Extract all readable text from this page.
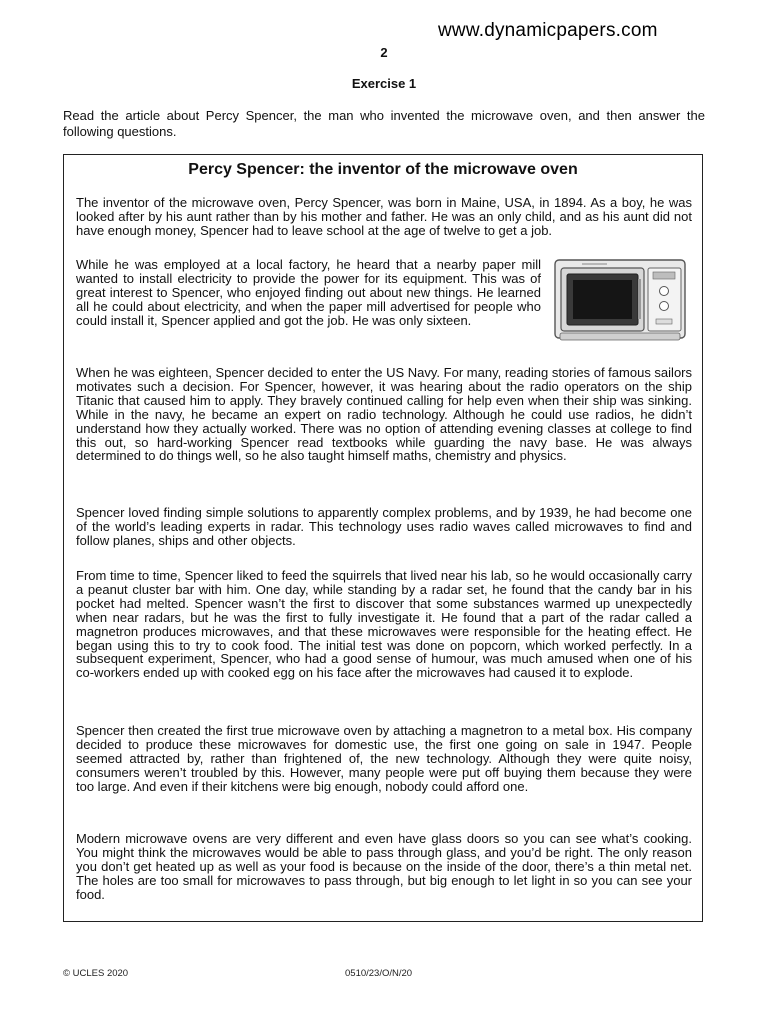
www.dynamicpapers.com
2
Exercise 1
Read the article about Percy Spencer, the man who invented the microwave oven, and then answer the following questions.
Percy Spencer: the inventor of the microwave oven

The inventor of the microwave oven, Percy Spencer, was born in Maine, USA, in 1894. As a boy, he was looked after by his aunt rather than by his mother and father. He was an only child, and as his aunt did not have enough money, Spencer had to leave school at the age of twelve to get a job.

While he was employed at a local factory, he heard that a nearby paper mill wanted to install electricity to provide the power for its equipment. This was of great interest to Spencer, who enjoyed finding out about new things. He learned all he could about electricity, and when the paper mill advertised for people who could install it, Spencer applied and got the job. He was only sixteen.

When he was eighteen, Spencer decided to enter the US Navy. For many, reading stories of famous sailors motivates such a decision. For Spencer, however, it was hearing about the radio operators on the ship Titanic that caused him to apply. They bravely continued calling for help even when their ship was sinking. While in the navy, he became an expert on radio technology. Although he could use radios, he didn’t understand how they actually worked. There was no option of attending evening classes at college to find this out, so hard-working Spencer read textbooks while guarding the navy base. He was always determined to do things well, so he also taught himself maths, chemistry and physics.

Spencer loved finding simple solutions to apparently complex problems, and by 1939, he had become one of the world’s leading experts in radar. This technology uses radio waves called microwaves to find and follow planes, ships and other objects.

From time to time, Spencer liked to feed the squirrels that lived near his lab, so he would occasionally carry a peanut cluster bar with him. One day, while standing by a radar set, he found that the candy bar in his pocket had melted. Spencer wasn’t the first to discover that some substances warmed up unexpectedly when near radars, but he was the first to fully investigate it. He found that a part of the radar called a magnetron produces microwaves, and that these microwaves were responsible for the heating effect. He began using this to try to cook food. The initial test was done on popcorn, which worked perfectly. In a subsequent experiment, Spencer, who had a good sense of humour, was much amused when one of his co-workers ended up with cooked egg on his face after the microwaves had caused it to explode.

Spencer then created the first true microwave oven by attaching a magnetron to a metal box. His company decided to produce these microwaves for domestic use, the first one going on sale in 1947. People seemed attracted by, rather than frightened of, the new technology. Although they were quite noisy, consumers weren’t troubled by this. However, many people were put off buying them because they were too large. And even if their kitchens were big enough, nobody could afford one.

Modern microwave ovens are very different and even have glass doors so you can see what’s cooking. You might think the microwaves would be able to pass through glass, and you’d be right. The only reason you don’t get heated up as well as your food is because on the inside of the door, there’s a thin metal net. The holes are too small for microwaves to pass through, but big enough to let light in so you can see your food.

© UCLES 2020	0510/23/O/N/20
